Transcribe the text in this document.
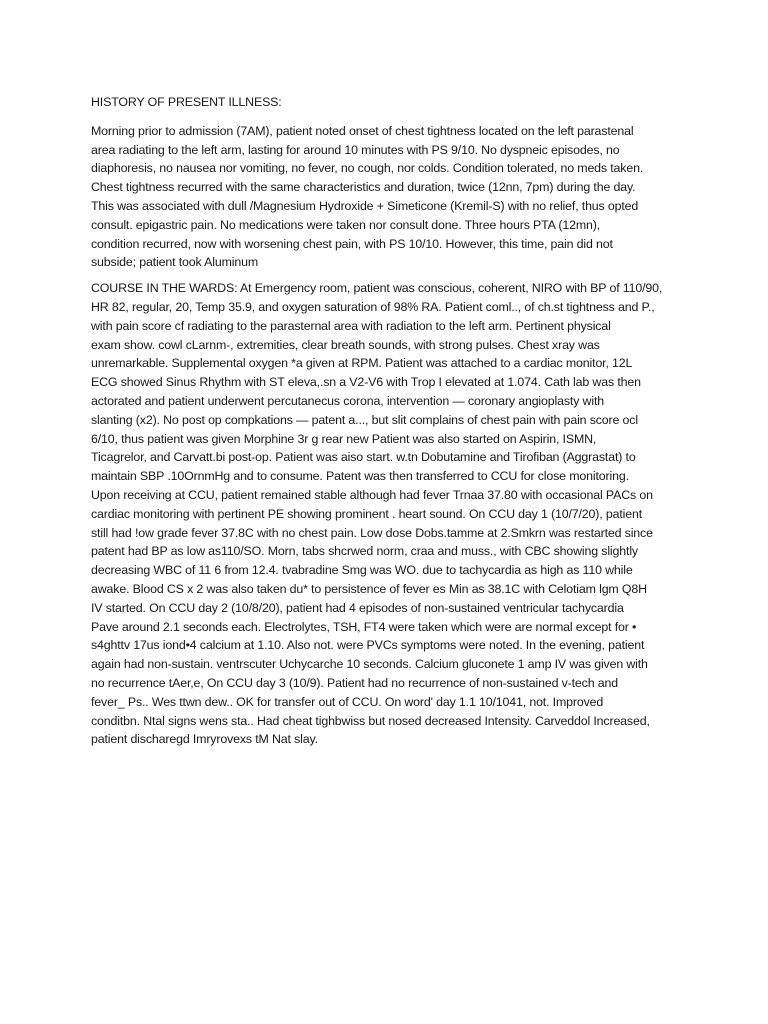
HISTORY OF PRESENT ILLNESS:
Morning prior to admission (7AM), patient noted onset of chest tightness located on the left parastenal
area radiating to the left arm, lasting for around 10 minutes with PS 9/10. No dyspneic episodes, no
diaphoresis, no nausea nor vomiting, no fever, no cough, nor colds. Condition tolerated, no meds taken.
Chest tightness recurred with the same characteristics and duration, twice (12nn, 7pm) during the day.
This was associated with dull /Magnesium Hydroxide + Simeticone (Kremil-S) with no relief, thus opted
consult. epigastric pain. No medications were taken nor consult done. Three hours PTA (12mn),
condition recurred, now with worsening chest pain, with PS 10/10. However, this time, pain did not
subside; patient took Aluminum
COURSE IN THE WARDS: At Emergency room, patient was conscious, coherent, NIRO with BP of 110/90,
HR 82, regular, 20, Temp 35.9, and oxygen saturation of 98% RA. Patient coml.., of ch.st tightness and P.,
with pain score cf radiating to the parasternal area with radiation to the left arm. Pertinent physical
exam show. cowl cLarnm-, extremities, clear breath sounds, with strong pulses. Chest xray was
unremarkable. Supplemental oxygen *a given at RPM. Patient was attached to a cardiac monitor, 12L
ECG showed Sinus Rhythm with ST eleva,.sn a V2-V6 with Trop I elevated at 1.074. Cath lab was then
actorated and patient underwent percutanecus corona, intervention — coronary angioplasty with
slanting (x2). No post op compkations — patent a..., but slit complains of chest pain with pain score ocl
6/10, thus patient was given Morphine 3r g rear new Patient was also started on Aspirin, ISMN,
Ticagrelor, and Carvatt.bi post-op. Patient was aiso start. w.tn Dobutamine and Tirofiban (Aggrastat) to
maintain SBP .10OrnmHg and to consume. Patent was then transferred to CCU for close monitoring.
Upon receiving at CCU, patient remained stable although had fever Trnaa 37.80 with occasional PACs on
cardiac monitoring with pertinent PE showing prominent . heart sound. On CCU day 1 (10/7/20), patient
still had !ow grade fever 37.8C with no chest pain. Low dose Dobs.tamme at 2.Smkrn was restarted since
patent had BP as low as110/SO. Morn, tabs shcrwed norm, craa and muss., with CBC showing slightly
decreasing WBC of 11 6 from 12.4. tvabradine Smg was WO. due to tachycardia as high as 110 while
awake. Blood CS x 2 was also taken du* to persistence of fever es Min as 38.1C with Celotiam lgm Q8H
IV started. On CCU day 2 (10/8/20), patient had 4 episodes of non-sustained ventricular tachycardia
Pave around 2.1 seconds each. Electrolytes, TSH, FT4 were taken which were are normal except for •
s4ghttv 17us iond•4 calcium at 1.10. Also not. were PVCs symptoms were noted. In the evening, patient
again had non-sustain. ventrscuter Uchycarche 10 seconds. Calcium gluconete 1 amp IV was given with
no recurrence tAer,e, On CCU day 3 (10/9). Patient had no recurrence of non-sustained v-tech and
fever_ Ps.. Wes ttwn dew.. OK for transfer out of CCU. On word' day 1.1 10/1041, not. Improved
conditbn. Ntal signs wens sta.. Had cheat tighbwiss but nosed decreased Intensity. Carveddol Increased,
patient discharegd Imryrovexs tM Nat slay.
